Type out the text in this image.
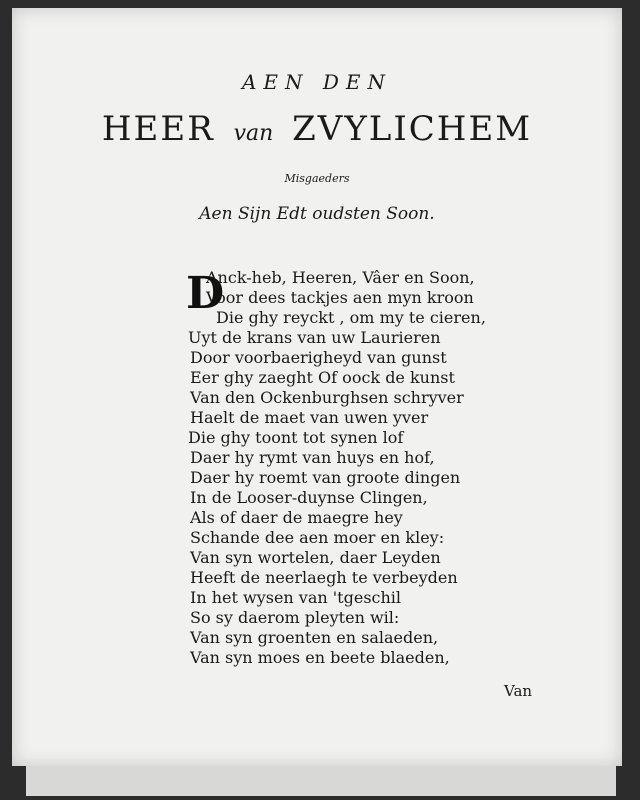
AEN DEN
HEER van ZVYLICHEM
Misgaeders
Aen Sijn Edt oudsten Soon.
D
Anck-heb, Heeren, Vâer en Soon,
Voor dees tackjes aen myn kroon
Die ghy reyckt , om my te cieren,
Uyt de krans van uw Laurieren
Door voorbaerigheyd van gunst
Eer ghy zaeght Of oock de kunst
Van den Ockenburghsen schryver
Haelt de maet van uwen yver
Die ghy toont tot synen lof
Daer hy rymt van huys en hof,
Daer hy roemt van groote dingen
In de Looser-duynse Clingen,
Als of daer de maegre hey
Schande dee aen moer en kley:
Van syn wortelen, daer Leyden
Heeft de neerlaegh te verbeyden
In het wysen van 'tgeschil
So sy daerom pleyten wil:
Van syn groenten en salaeden,
Van syn moes en beete blaeden,
Van
